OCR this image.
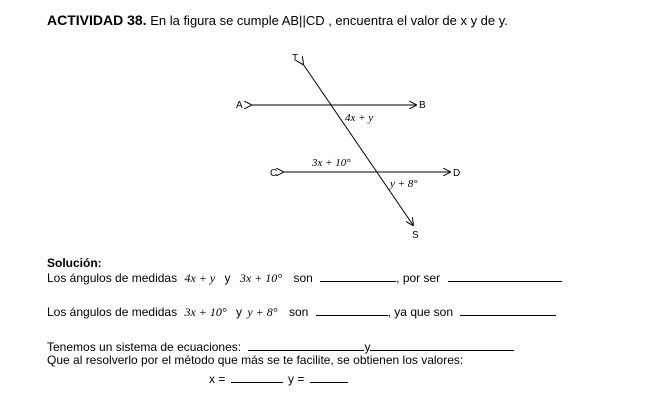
ACTIVIDAD 38. En la figura se cumple AB||CD , encuentra el valor de x y de y.
T
A	B
C	D
S
4x + y
3x + 10°
y + 8°
Solución:
Los ángulos de medidas 4x + y y 3x + 10° son	, por ser
Los ángulos de medidas 3x + 10° y y + 8° son	, ya que son
Tenemos un sistema de ecuaciones:	y
Que al resolverlo por el método que más se te facilite, se obtienen los valores:
x =	y =
